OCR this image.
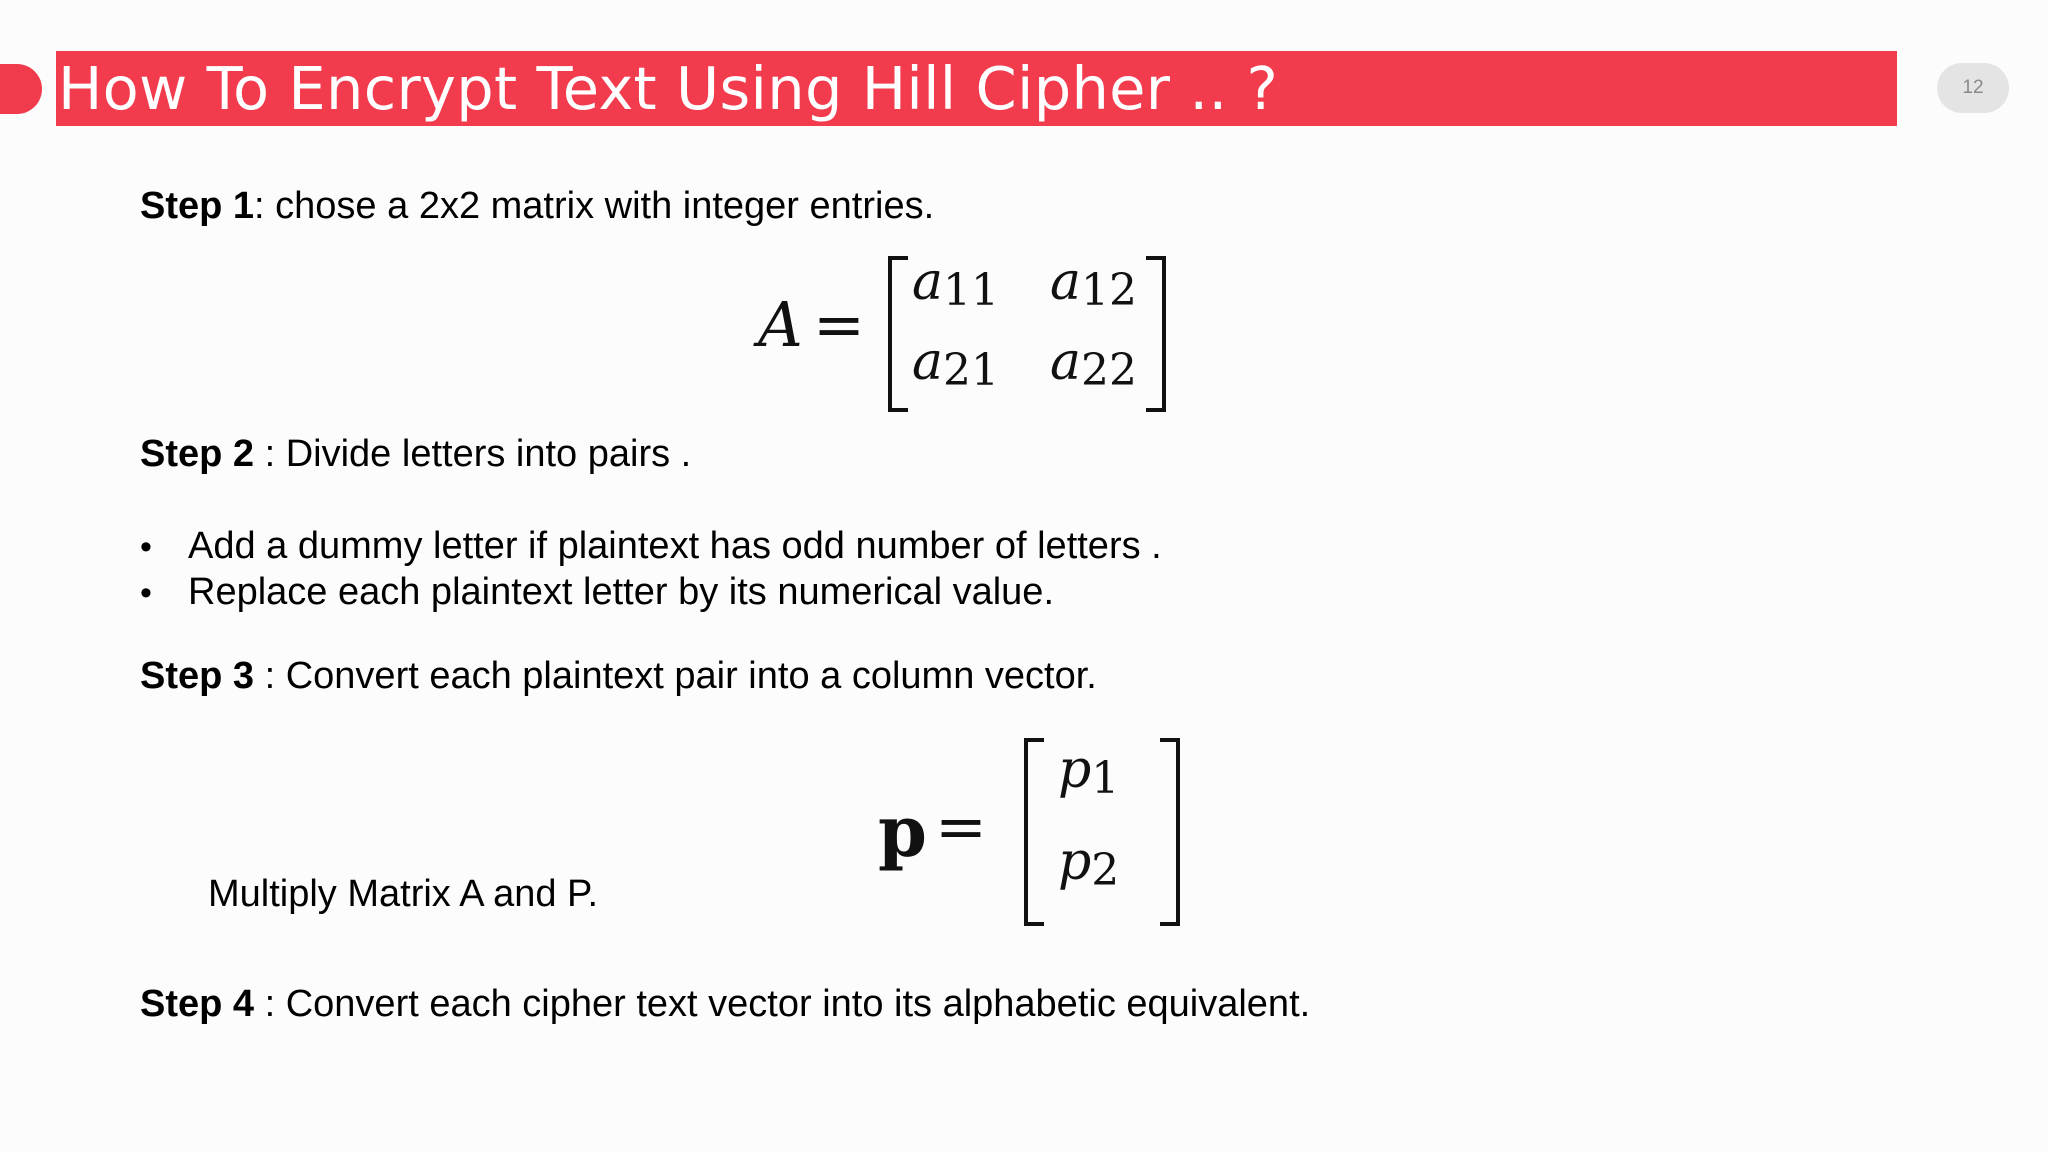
How To Encrypt Text Using Hill Cipher .. ?	12
Step 1: chose a 2x2 matrix with integer entries.
A =
$a_{11}$ $a_{12}$
$a_{21}$ $a_{22}$
Step 2 : Divide letters into pairs .
• Add a dummy letter if plaintext has odd number of letters .
• Replace each plaintext letter by its numerical value.
Step 3 : Convert each plaintext pair into a column vector.
p =
$p_1$
$p_2$
Multiply Matrix A and P.
Step 4 : Convert each cipher text vector into its alphabetic equivalent.
